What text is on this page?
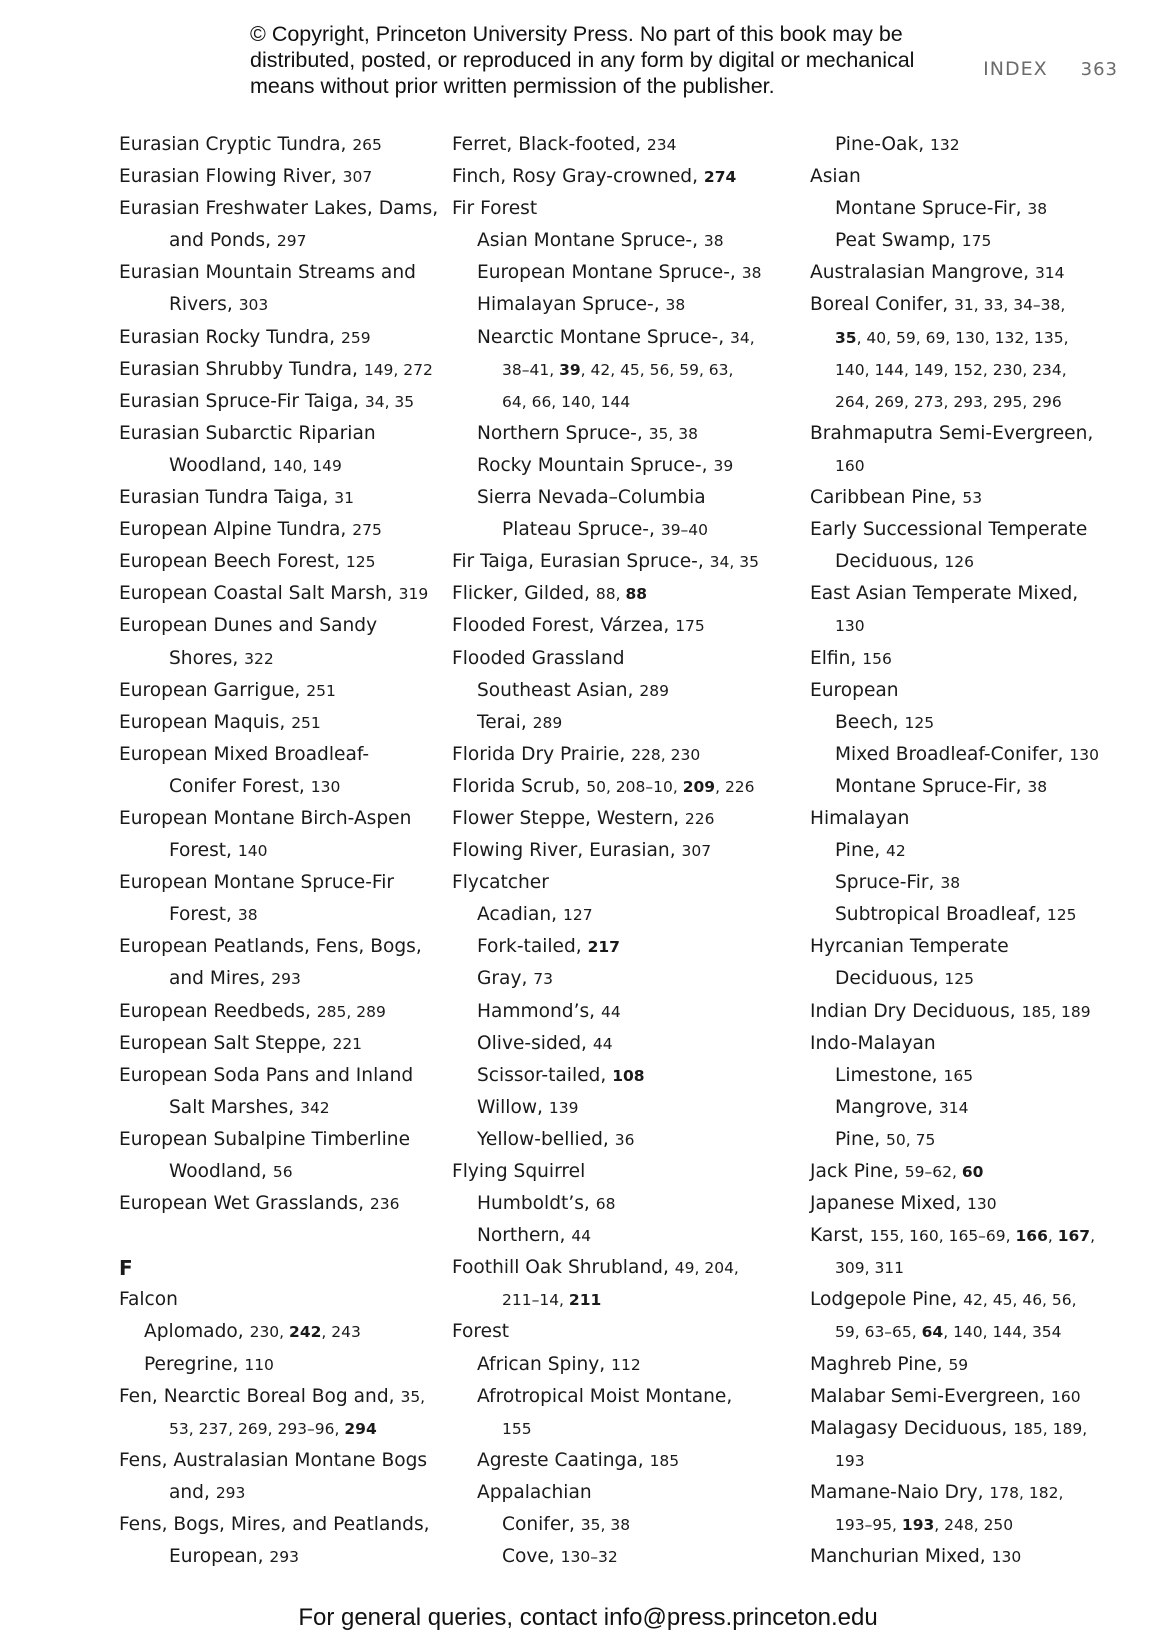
© Copyright, Princeton University Press. No part of this book may be
distributed, posted, or reproduced in any form by digital or mechanical
means without prior written permission of the publisher.
INDEX 363
Eurasian Cryptic Tundra, 265
Eurasian Flowing River, 307
Eurasian Freshwater Lakes, Dams,
and Ponds, 297
Eurasian Mountain Streams and
Rivers, 303
Eurasian Rocky Tundra, 259
Eurasian Shrubby Tundra, 149, 272
Eurasian Spruce-Fir Taiga, 34, 35
Eurasian Subarctic Riparian
Woodland, 140, 149
Eurasian Tundra Taiga, 31
European Alpine Tundra, 275
European Beech Forest, 125
European Coastal Salt Marsh, 319
European Dunes and Sandy
Shores, 322
European Garrigue, 251
European Maquis, 251
European Mixed Broadleaf-
Conifer Forest, 130
European Montane Birch-Aspen
Forest, 140
European Montane Spruce-Fir
Forest, 38
European Peatlands, Fens, Bogs,
and Mires, 293
European Reedbeds, 285, 289
European Salt Steppe, 221
European Soda Pans and Inland
Salt Marshes, 342
European Subalpine Timberline
Woodland, 56
European Wet Grasslands, 236
F
Falcon
Aplomado, 230, 242, 243
Peregrine, 110
Fen, Nearctic Boreal Bog and, 35,
53, 237, 269, 293–96, 294
Fens, Australasian Montane Bogs
and, 293
Fens, Bogs, Mires, and Peatlands,
European, 293
Ferret, Black-footed, 234
Finch, Rosy Gray-crowned, 274
Fir Forest
Asian Montane Spruce-, 38
European Montane Spruce-, 38
Himalayan Spruce-, 38
Nearctic Montane Spruce-, 34,
38–41, 39, 42, 45, 56, 59, 63,
64, 66, 140, 144
Northern Spruce-, 35, 38
Rocky Mountain Spruce-, 39
Sierra Nevada–Columbia
Plateau Spruce-, 39–40
Fir Taiga, Eurasian Spruce-, 34, 35
Flicker, Gilded, 88, 88
Flooded Forest, Várzea, 175
Flooded Grassland
Southeast Asian, 289
Terai, 289
Florida Dry Prairie, 228, 230
Florida Scrub, 50, 208–10, 209, 226
Flower Steppe, Western, 226
Flowing River, Eurasian, 307
Flycatcher
Acadian, 127
Fork-tailed, 217
Gray, 73
Hammond’s, 44
Olive-sided, 44
Scissor-tailed, 108
Willow, 139
Yellow-bellied, 36
Flying Squirrel
Humboldt’s, 68
Northern, 44
Foothill Oak Shrubland, 49, 204,
211–14, 211
Forest
African Spiny, 112
Afrotropical Moist Montane,
155
Agreste Caatinga, 185
Appalachian
Conifer, 35, 38
Cove, 130–32
Pine-Oak, 132
Asian
Montane Spruce-Fir, 38
Peat Swamp, 175
Australasian Mangrove, 314
Boreal Conifer, 31, 33, 34–38,
35, 40, 59, 69, 130, 132, 135,
140, 144, 149, 152, 230, 234,
264, 269, 273, 293, 295, 296
Brahmaputra Semi-Evergreen,
160
Caribbean Pine, 53
Early Successional Temperate
Deciduous, 126
East Asian Temperate Mixed,
130
Elfin, 156
European
Beech, 125
Mixed Broadleaf-Conifer, 130
Montane Spruce-Fir, 38
Himalayan
Pine, 42
Spruce-Fir, 38
Subtropical Broadleaf, 125
Hyrcanian Temperate
Deciduous, 125
Indian Dry Deciduous, 185, 189
Indo-Malayan
Limestone, 165
Mangrove, 314
Pine, 50, 75
Jack Pine, 59–62, 60
Japanese Mixed, 130
Karst, 155, 160, 165–69, 166, 167,
309, 311
Lodgepole Pine, 42, 45, 46, 56,
59, 63–65, 64, 140, 144, 354
Maghreb Pine, 59
Malabar Semi-Evergreen, 160
Malagasy Deciduous, 185, 189,
193
Mamane-Naio Dry, 178, 182,
193–95, 193, 248, 250
Manchurian Mixed, 130
For general queries, contact info@press.princeton.edu
